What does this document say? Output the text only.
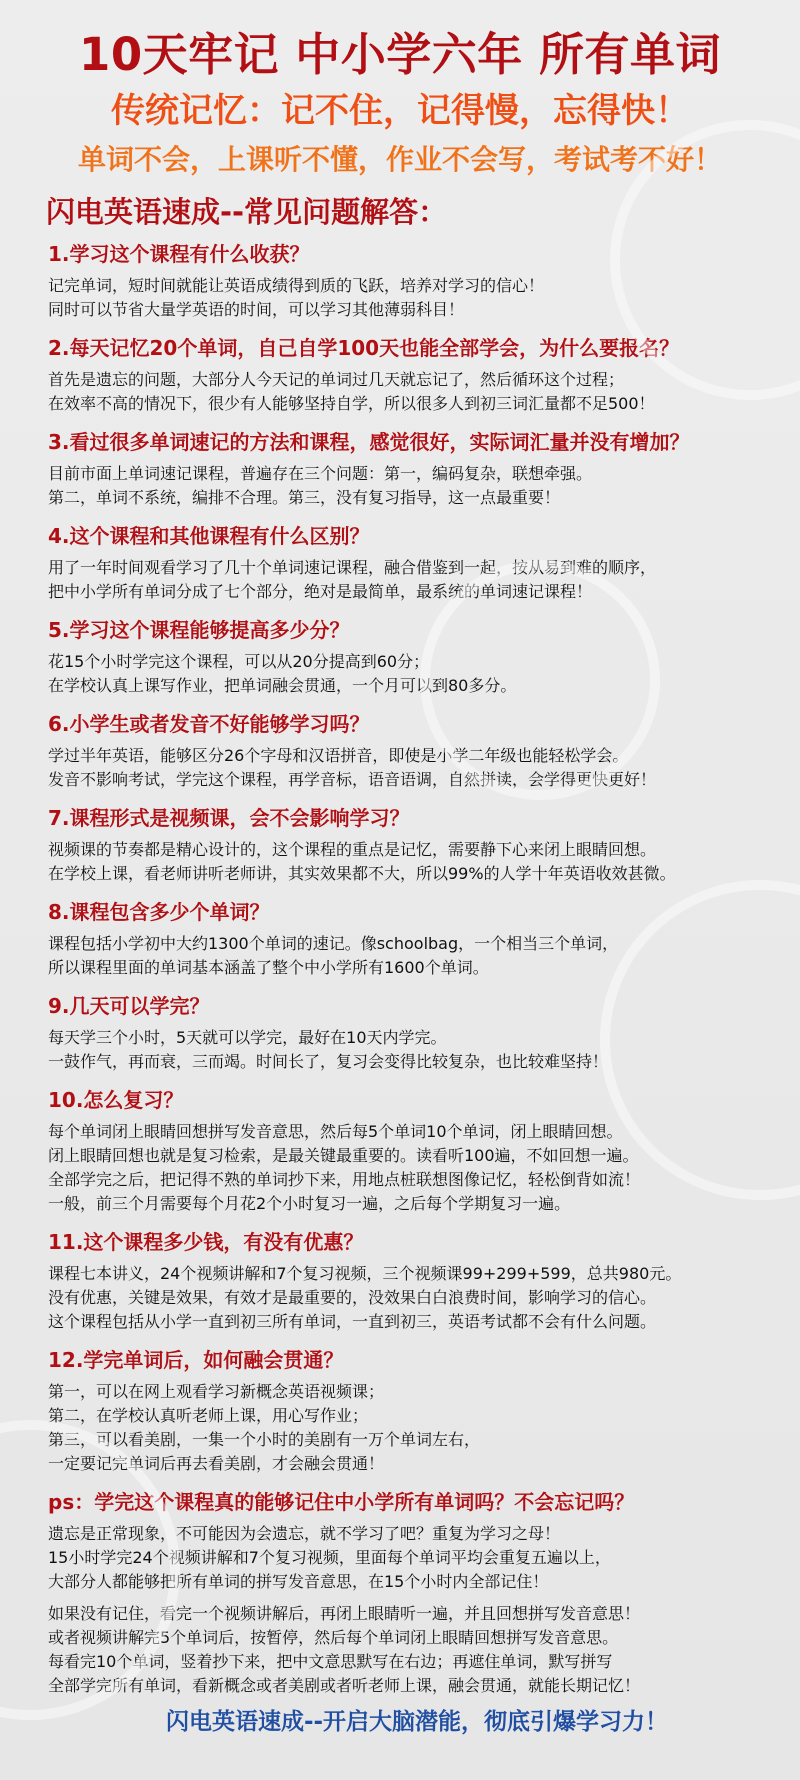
10天牢记 中小学六年 所有单词
传统记忆：记不住，记得慢，忘得快！
单词不会，上课听不懂，作业不会写，考试考不好！
闪电英语速成--常见问题解答：
1.学习这个课程有什么收获？
记完单词，短时间就能让英语成绩得到质的飞跃，培养对学习的信心！
同时可以节省大量学英语的时间，可以学习其他薄弱科目！
2.每天记忆20个单词，自己自学100天也能全部学会，为什么要报名？
首先是遗忘的问题，大部分人今天记的单词过几天就忘记了，然后循环这个过程；
在效率不高的情况下，很少有人能够坚持自学，所以很多人到初三词汇量都不足500！
3.看过很多单词速记的方法和课程，感觉很好，实际词汇量并没有增加？
目前市面上单词速记课程，普遍存在三个问题：第一，编码复杂，联想牵强。
第二，单词不系统，编排不合理。第三，没有复习指导，这一点最重要！
4.这个课程和其他课程有什么区别？
用了一年时间观看学习了几十个单词速记课程，融合借鉴到一起，按从易到难的顺序，
把中小学所有单词分成了七个部分，绝对是最简单，最系统的单词速记课程！
5.学习这个课程能够提高多少分？
花15个小时学完这个课程，可以从20分提高到60分；
在学校认真上课写作业，把单词融会贯通，一个月可以到80多分。
6.小学生或者发音不好能够学习吗？
学过半年英语，能够区分26个字母和汉语拼音，即使是小学二年级也能轻松学会。
发音不影响考试，学完这个课程，再学音标，语音语调，自然拼读，会学得更快更好！
7.课程形式是视频课，会不会影响学习？
视频课的节奏都是精心设计的，这个课程的重点是记忆，需要静下心来闭上眼睛回想。
在学校上课，看老师讲听老师讲，其实效果都不大，所以99%的人学十年英语收效甚微。
8.课程包含多少个单词？
课程包括小学初中大约1300个单词的速记。像schoolbag，一个相当三个单词，
所以课程里面的单词基本涵盖了整个中小学所有1600个单词。
9.几天可以学完？
每天学三个小时，5天就可以学完，最好在10天内学完。
一鼓作气，再而衰，三而竭。时间长了，复习会变得比较复杂，也比较难坚持！
10.怎么复习？
每个单词闭上眼睛回想拼写发音意思，然后每5个单词10个单词，闭上眼睛回想。
闭上眼睛回想也就是复习检索，是最关键最重要的。读看听100遍，不如回想一遍。
全部学完之后，把记得不熟的单词抄下来，用地点桩联想图像记忆，轻松倒背如流！
一般，前三个月需要每个月花2个小时复习一遍，之后每个学期复习一遍。
11.这个课程多少钱，有没有优惠？
课程七本讲义，24个视频讲解和7个复习视频，三个视频课99+299+599，总共980元。
没有优惠，关键是效果，有效才是最重要的，没效果白白浪费时间，影响学习的信心。
这个课程包括从小学一直到初三所有单词，一直到初三，英语考试都不会有什么问题。
12.学完单词后，如何融会贯通？
第一，可以在网上观看学习新概念英语视频课；
第二，在学校认真听老师上课，用心写作业；
第三，可以看美剧，一集一个小时的美剧有一万个单词左右，
一定要记完单词后再去看美剧，才会融会贯通！
ps：学完这个课程真的能够记住中小学所有单词吗？不会忘记吗？
遗忘是正常现象，不可能因为会遗忘，就不学习了吧？重复为学习之母！
15小时学完24个视频讲解和7个复习视频，里面每个单词平均会重复五遍以上，
大部分人都能够把所有单词的拼写发音意思，在15个小时内全部记住！
如果没有记住，看完一个视频讲解后，再闭上眼睛听一遍，并且回想拼写发音意思！
或者视频讲解完5个单词后，按暂停，然后每个单词闭上眼睛回想拼写发音意思。
每看完10个单词，竖着抄下来，把中文意思默写在右边；再遮住单词，默写拼写
全部学完所有单词，看新概念或者美剧或者听老师上课，融会贯通，就能长期记忆！
闪电英语速成--开启大脑潜能，彻底引爆学习力！
